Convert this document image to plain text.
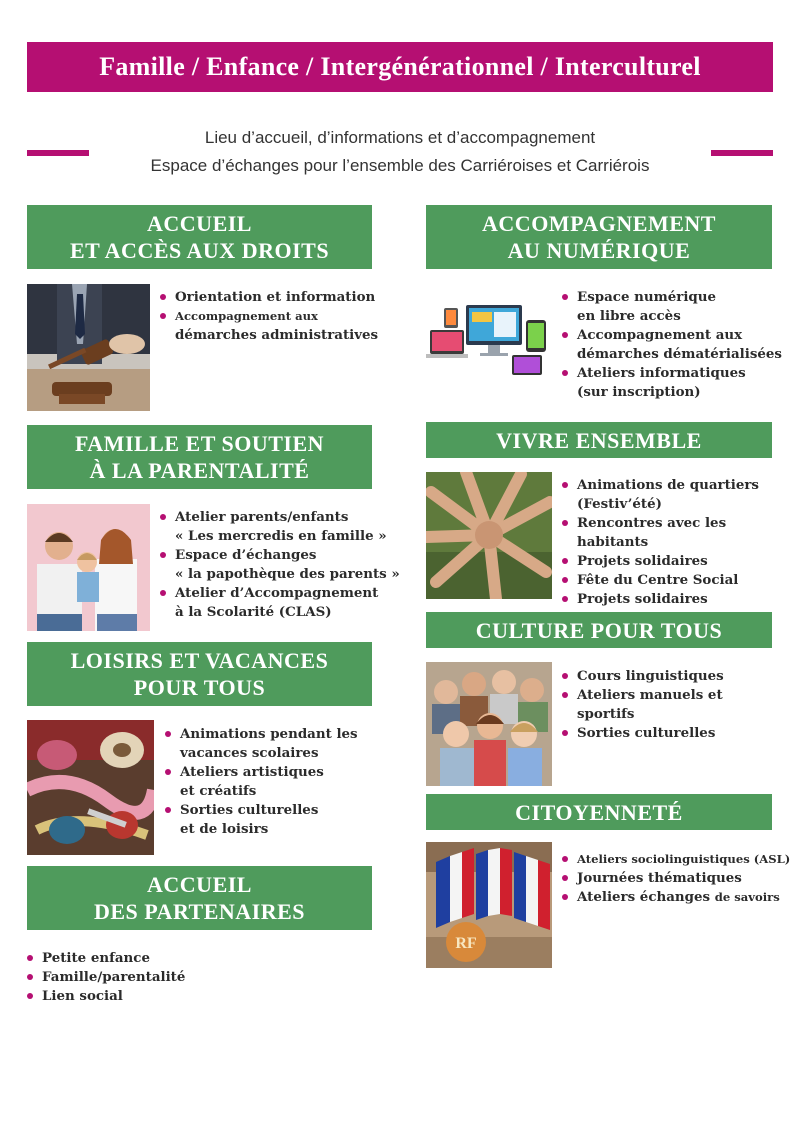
Famille / Enfance / Intergénérationnel / Interculturel
Lieu d’accueil, d’informations et d’accompagnement
Espace d’échanges pour l’ensemble des Carriéroises et Carriérois
ACCUEIL
ET ACCÈS AUX DROITS
Orientation et information
Accompagnement aux
démarches administratives
FAMILLE ET SOUTIEN
À LA PARENTALITÉ
Atelier parents/enfants
« Les mercredis en famille »
Espace d’échanges
« la papothèque des parents »
Atelier d’Accompagnement
à la Scolarité (CLAS)
LOISIRS ET VACANCES
POUR TOUS
Animations pendant les
vacances scolaires
Ateliers artistiques
et créatifs
Sorties culturelles
et de loisirs
ACCUEIL
DES PARTENAIRES
Petite enfance
Famille/parentalité
Lien social
ACCOMPAGNEMENT
AU NUMÉRIQUE
Espace numérique
en libre accès
Accompagnement aux
démarches dématérialisées
Ateliers informatiques
(sur inscription)
VIVRE ENSEMBLE
Animations de quartiers
(Festiv’été)
Rencontres avec les
habitants
Projets solidaires
Fête du Centre Social
Projets solidaires
CULTURE POUR TOUS
Cours linguistiques
Ateliers manuels et
sportifs
Sorties culturelles
CITOYENNETÉ
RF
Ateliers sociolinguistiques (ASL)
Journées thématiques
Ateliers échanges de savoirs
